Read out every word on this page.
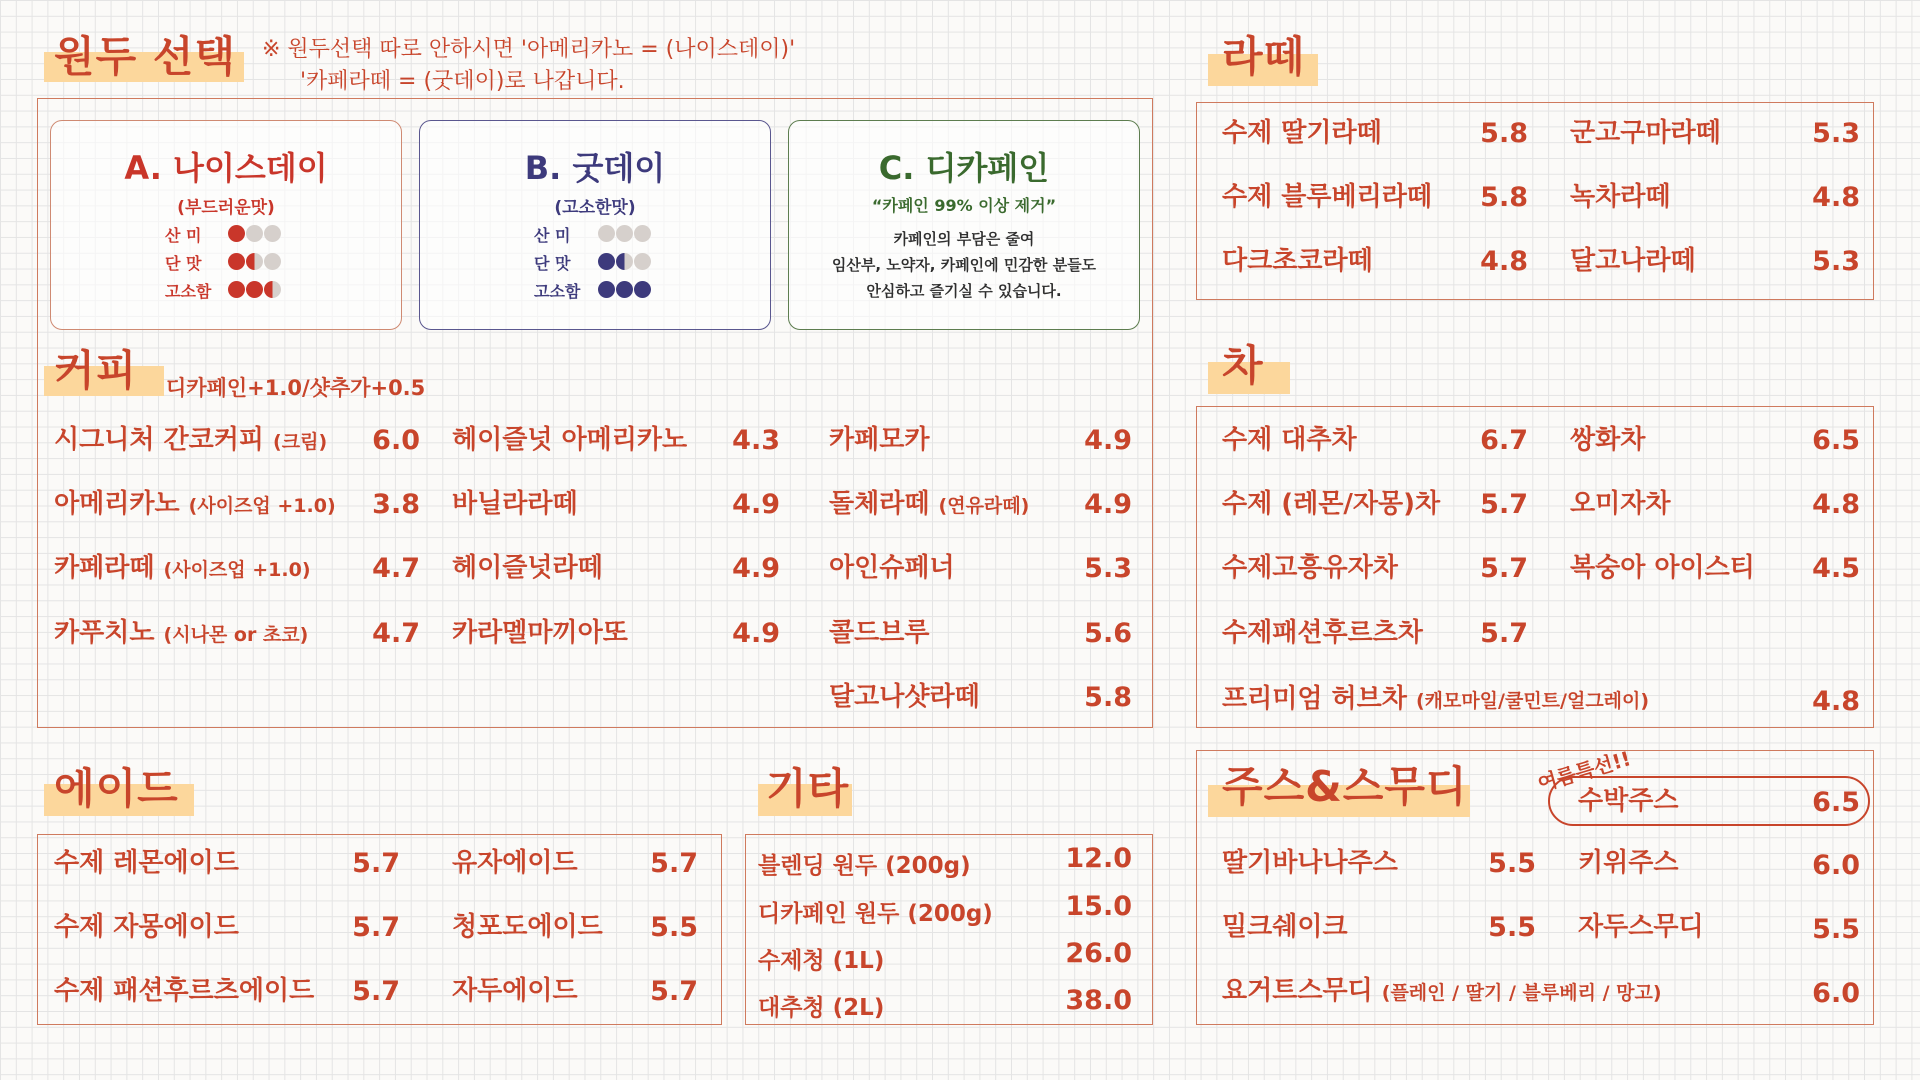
원두 선택 ※ 원두선택 따로 안하시면 '아메리카노 = (나이스데이)'
'카페라떼 = (굿데이)로 나갑니다.
A. 나이스데이
(부드러운맛)
B. 굿데이
(고소한맛)
C. 디카페인
“카페인 99% 이상 제거”
카페인의 부담은 줄여
임산부, 노약자, 카페인에 민감한 분들도
안심하고 즐기실 수 있습니다.
산 미
단 맛
고소함
산 미
단 맛
고소함
커피 디카페인+1.0/샷추가+0.5
시그니처 간코커피 (크림)	6.0
아메리카노 (사이즈업 +1.0)	3.8
카페라떼 (사이즈업 +1.0)	4.7
카푸치노 (시나몬 or 초코)	4.7
헤이즐넛 아메리카노	4.3
바닐라라떼	4.9
헤이즐넛라떼	4.9
카라멜마끼아또	4.9
카페모카	4.9
돌체라떼 (연유라떼)	4.9
아인슈페너	5.3
콜드브루	5.6
달고나샷라떼	5.8
에이드
수제 레몬에이드	5.7
수제 자몽에이드	5.7
수제 패션후르츠에이드	5.7
유자에이드	5.7
청포도에이드	5.5
자두에이드	5.7
기타
블렌딩 원두 (200g)	12.0
디카페인 원두 (200g)	15.0
수제청 (1L)	26.0
대추청 (2L)	38.0
라떼
수제 딸기라떼	5.8
수제 블루베리라떼	5.8
다크초코라떼	4.8
군고구마라떼	5.3
녹차라떼	4.8
달고나라떼	5.3
차
수제 대추차	6.7
수제 (레몬/자몽)차	5.7
수제고흥유자차	5.7
수제패션후르츠차	5.7
쌍화차	6.5
오미자차	4.8
복숭아 아이스티	4.5
프리미엄 허브차 (캐모마일/쿨민트/얼그레이)	4.8
주스&스무디	여름특선!!
수박주스	6.5
딸기바나나주스	5.5
밀크쉐이크	5.5
키위주스	6.0
자두스무디	5.5
요거트스무디 (플레인 / 딸기 / 블루베리 / 망고)	6.0
